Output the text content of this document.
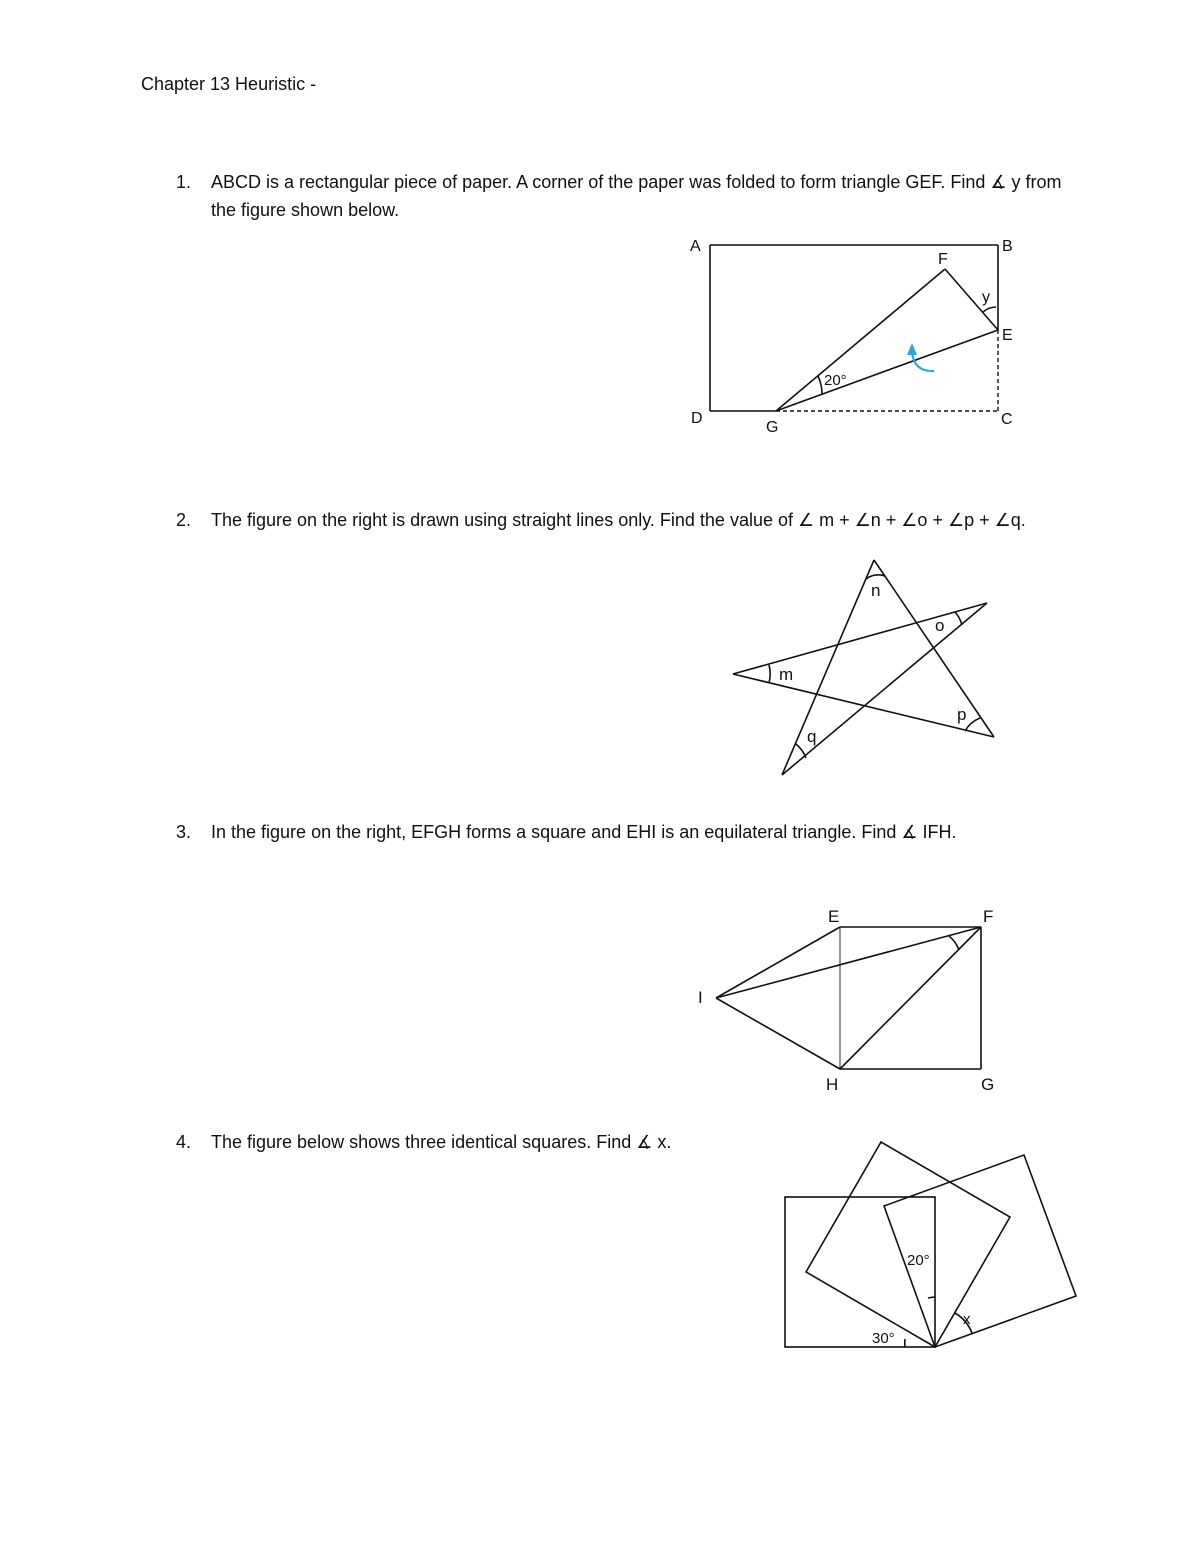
Chapter 13 Heuristic -
1. ABCD is a rectangular piece of paper. A corner of the paper was folded to form triangle GEF. Find ∡ y from the figure shown below.
A	B
C
D
E
F
G
y
20°
2. The figure on the right is drawn using straight lines only. Find the value of ∠ m + ∠n + ∠o + ∠p + ∠q.
m
n
o
p
q
3. In the figure on the right, EFGH forms a square and EHI is an equilateral triangle. Find ∡ IFH.
E	F
G
H
I
4. The figure below shows three identical squares. Find ∡ x.
20°
30°
x
